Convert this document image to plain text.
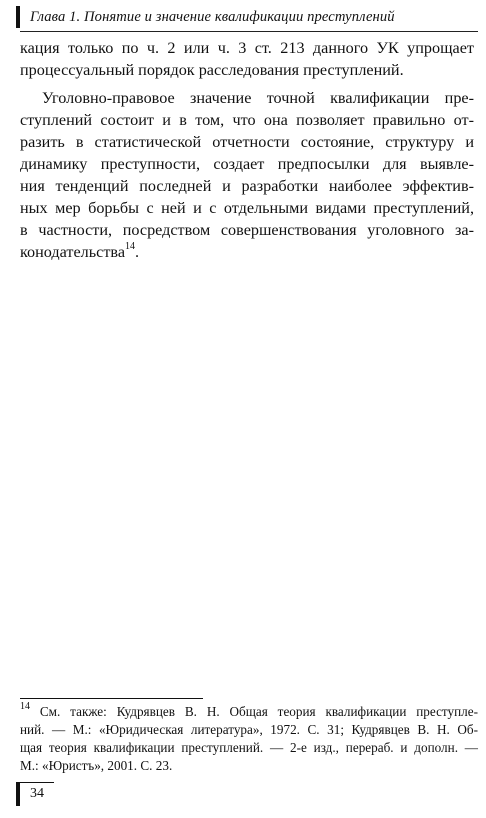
Глава 1. Понятие и значение квалификации преступлений
кация только по ч. 2 или ч. 3 ст. 213 данного УК упрощает
процессуальный порядок расследования преступлений.
Уголовно-правовое значение точной квалификации пре-
ступлений состоит и в том, что она позволяет правильно от-
разить в статистической отчетности состояние, структуру и
динамику преступности, создает предпосылки для выявле-
ния тенденций последней и разработки наиболее эффектив-
ных мер борьбы с ней и с отдельными видами преступлений,
в частности, посредством совершенствования уголовного за-
конодательства$^{14}$.
$^{14}$ См. также: Кудрявцев В. Н. Общая теория квалификации преступле-
ний. — М.: «Юридическая литература», 1972. С. 31; Кудрявцев В. Н. Об-
щая теория квалификации преступлений. — 2-е изд., перераб. и дополн. —
М.: «Юристъ», 2001. С. 23.
34
